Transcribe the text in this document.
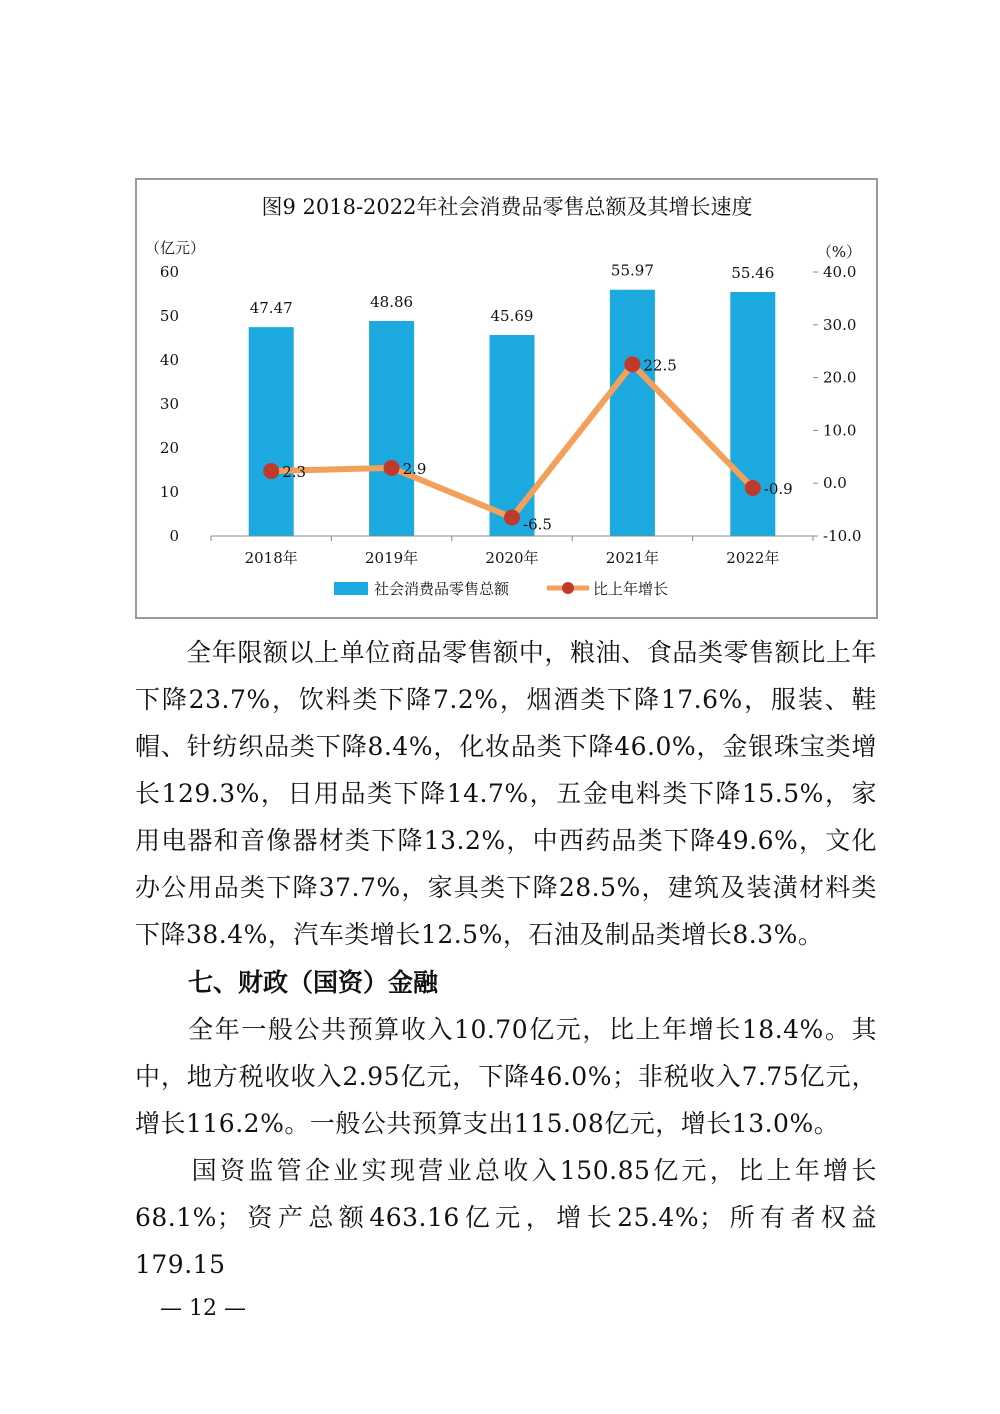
图9 2018-2022年社会消费品零售总额及其增长速度
（亿元）	（%）
0
10
20
30
40
50
60
-10.0
0.0
10.0
20.0
30.0
40.0
47.47	48.86
45.69
55.97	55.46
2018年	2019年	2020年	2021年	2022年
2.3	2.9
-6.5
22.5
-0.9
社会消费品零售总额	比上年增长
　　全年限额以上单位商品零售额中，粮油、食品类零售额比上年下降23.7%，饮料类下降7.2%，烟酒类下降17.6%，服装、鞋帽、针纺织品类下降8.4%，化妆品类下降46.0%，金银珠宝类增长129.3%，日用品类下降14.7%，五金电料类下降15.5%，家用电器和音像器材类下降13.2%，中西药品类下降49.6%，文化办公用品类下降37.7%，家具类下降28.5%，建筑及装潢材料类下降38.4%，汽车类增长12.5%，石油及制品类增长8.3%。
七、财政（国资）金融
　　全年一般公共预算收入10.70亿元，比上年增长18.4%。其中，地方税收收入2.95亿元，下降46.0%；非税收入7.75亿元，增长116.2%。一般公共预算支出115.08亿元，增长13.0%。
　　国资监管企业实现营业总收入150.85亿元，比上年增长68.1%；资产总额463.16亿元，增长25.4%；所有者权益179.15
— 12 —
